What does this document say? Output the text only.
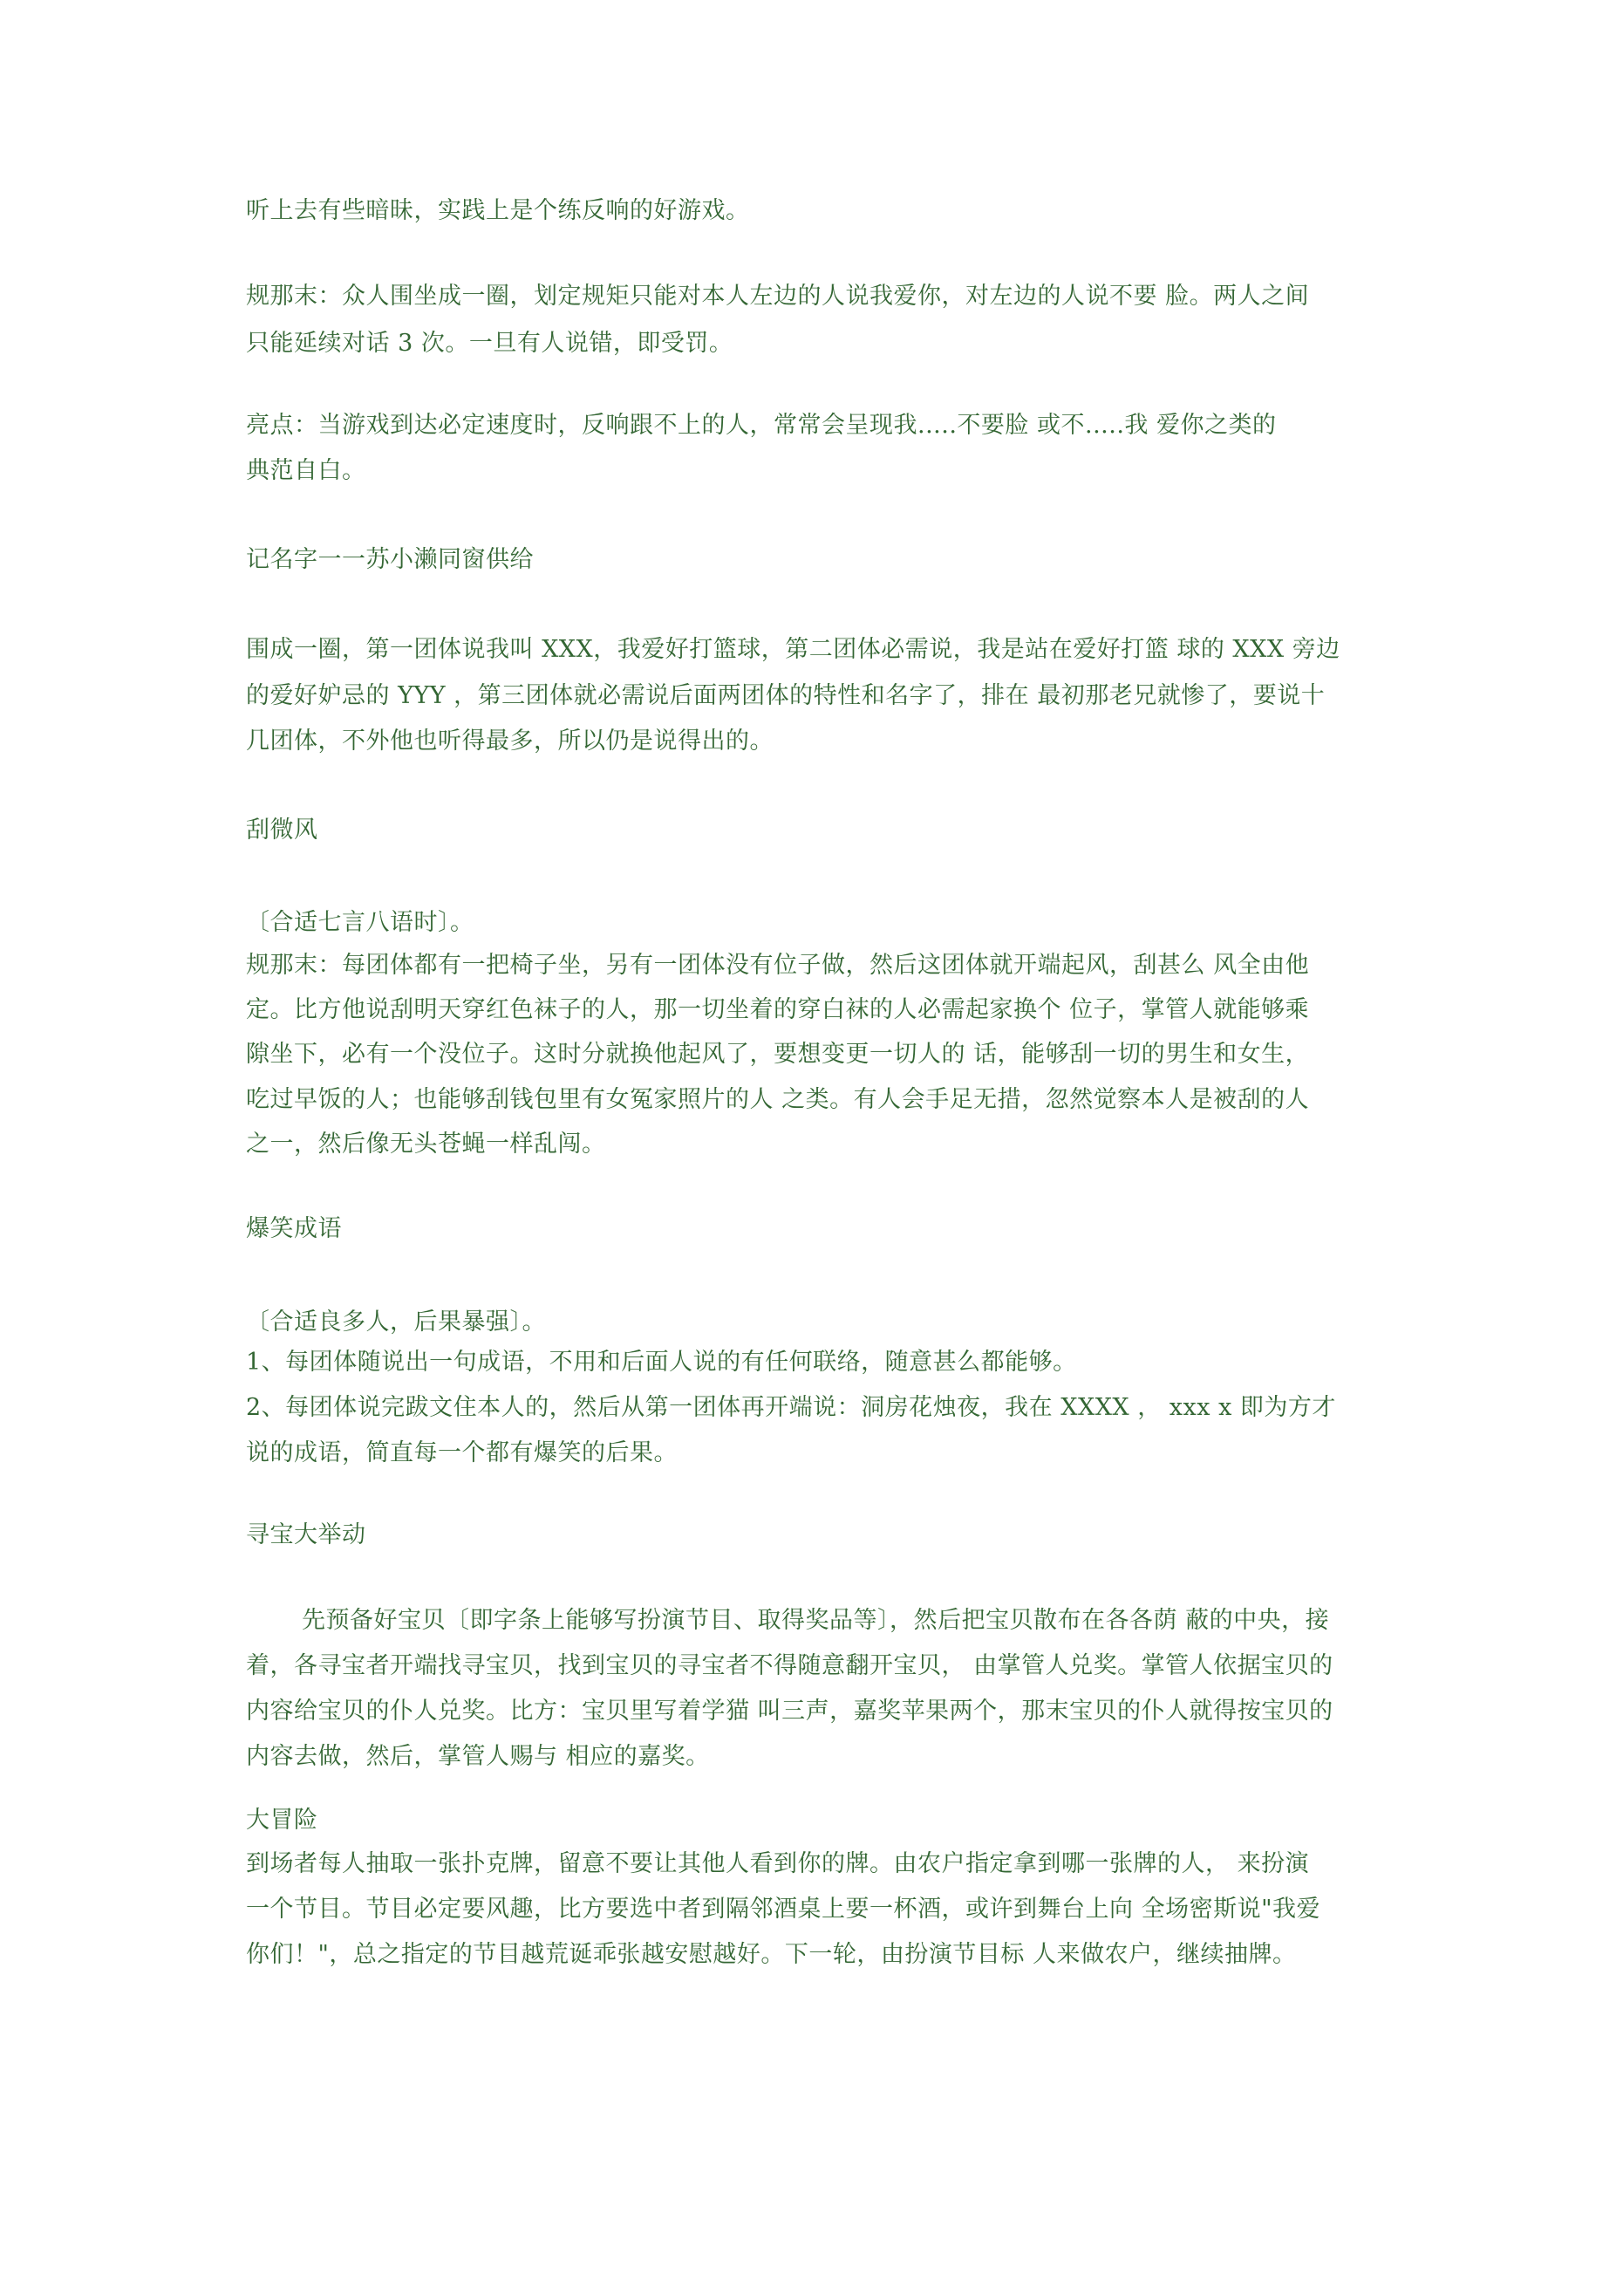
听上去有些暗昧，实践上是个练反响的好游戏。

规那末：众人围坐成一圈，划定规矩只能对本人左边的人说我爱你，对左边的人说不要 脸。两人之间

只能延续对话 3 次。一旦有人说错，即受罚。

亮点：当游戏到达必定速度时，反响跟不上的人，常常会呈现我.....不要脸 或不.....我 爱你之类的

典范自白。

记名字一一苏小濑同窗供给

围成一圈，第一团体说我叫 XXX，我爱好打篮球，第二团体必需说，我是站在爱好打篮 球的 XXX 旁边

的爱好妒忌的 YYY ，第三团体就必需说后面两团体的特性和名字了，排在 最初那老兄就惨了，要说十

几团体，不外他也听得最多，所以仍是说得出的。

刮微风

〔合适七言八语时〕。

规那末：每团体都有一把椅子坐，另有一团体没有位子做，然后这团体就开端起风，刮甚么 风全由他

定。比方他说刮明天穿红色袜子的人，那一切坐着的穿白袜的人必需起家换个 位子，掌管人就能够乘

隙坐下，必有一个没位子。这时分就换他起风了，要想变更一切人的 话，能够刮一切的男生和女生，

吃过早饭的人；也能够刮钱包里有女冤家照片的人 之类。有人会手足无措，忽然觉察本人是被刮的人

之一，然后像无头苍蝇一样乱闯。

爆笑成语

〔合适良多人，后果暴强〕。

1、每团体随说出一句成语，不用和后面人说的有任何联络，随意甚么都能够。

2、每团体说完跋文住本人的，然后从第一团体再开端说：洞房花烛夜，我在 XXXX ， xxx x 即为方才

说的成语，简直每一个都有爆笑的后果。

寻宝大举动

先预备好宝贝〔即字条上能够写扮演节目、取得奖品等〕，然后把宝贝散布在各各荫 蔽的中央，接

着，各寻宝者开端找寻宝贝，找到宝贝的寻宝者不得随意翻开宝贝， 由掌管人兑奖。掌管人依据宝贝的

内容给宝贝的仆人兑奖。比方：宝贝里写着学猫 叫三声，嘉奖苹果两个，那末宝贝的仆人就得按宝贝的

内容去做，然后，掌管人赐与 相应的嘉奖。

大冒险

到场者每人抽取一张扑克牌，留意不要让其他人看到你的牌。由农户指定拿到哪一张牌的人， 来扮演

一个节目。节目必定要风趣，比方要选中者到隔邻酒桌上要一杯酒，或许到舞台上向 全场密斯说"我爱

你们！"，总之指定的节目越荒诞乖张越安慰越好。下一轮，由扮演节目标 人来做农户，继续抽牌。
